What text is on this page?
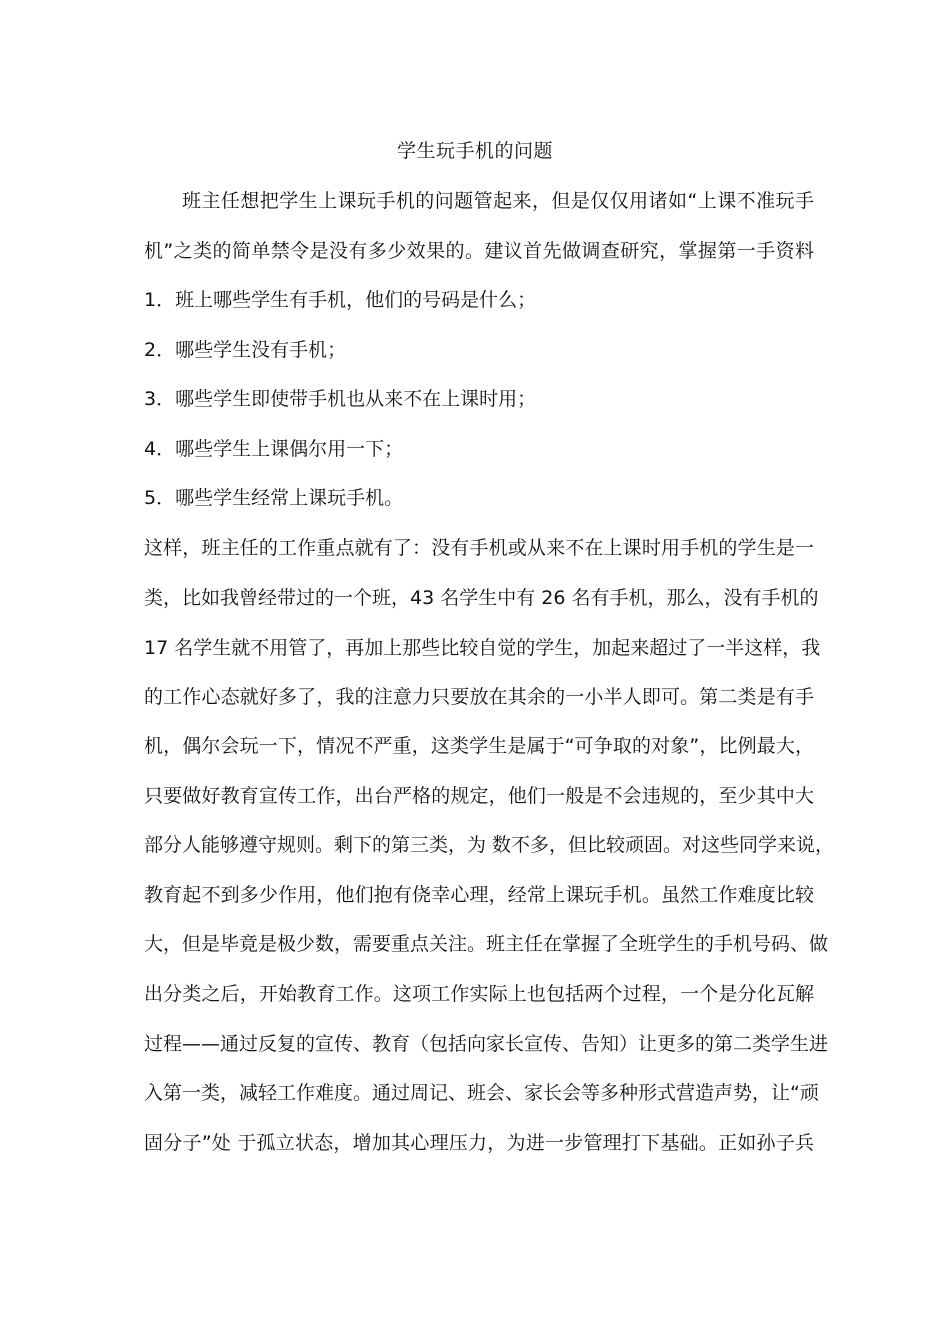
学生玩手机的问题
班主任想把学生上课玩手机的问题管起来，但是仅仅用诸如“上课不准玩手
机”之类的简单禁令是没有多少效果的。建议首先做调查研究，掌握第一手资料
1．班上哪些学生有手机，他们的号码是什么；
2．哪些学生没有手机；
3．哪些学生即使带手机也从来不在上课时用；
4．哪些学生上课偶尔用一下；
5．哪些学生经常上课玩手机。
这样，班主任的工作重点就有了：没有手机或从来不在上课时用手机的学生是一
类，比如我曾经带过的一个班，43 名学生中有 26 名有手机，那么，没有手机的
17 名学生就不用管了，再加上那些比较自觉的学生，加起来超过了一半这样，我
的工作心态就好多了，我的注意力只要放在其余的一小半人即可。第二类是有手
机，偶尔会玩一下，情况不严重，这类学生是属于“可争取的对象”，比例最大，
只要做好教育宣传工作，出台严格的规定，他们一般是不会违规的，至少其中大
部分人能够遵守规则。剩下的第三类，为 数不多，但比较顽固。对这些同学来说，
教育起不到多少作用，他们抱有侥幸心理，经常上课玩手机。虽然工作难度比较
大，但是毕竟是极少数，需要重点关注。班主任在掌握了全班学生的手机号码、做
出分类之后，开始教育工作。这项工作实际上也包括两个过程，一个是分化瓦解
过程——通过反复的宣传、教育（包括向家长宣传、告知）让更多的第二类学生进
入第一类，减轻工作难度。通过周记、班会、家长会等多种形式营造声势，让“顽
固分子”处 于孤立状态，增加其心理压力，为进一步管理打下基础。正如孙子兵
